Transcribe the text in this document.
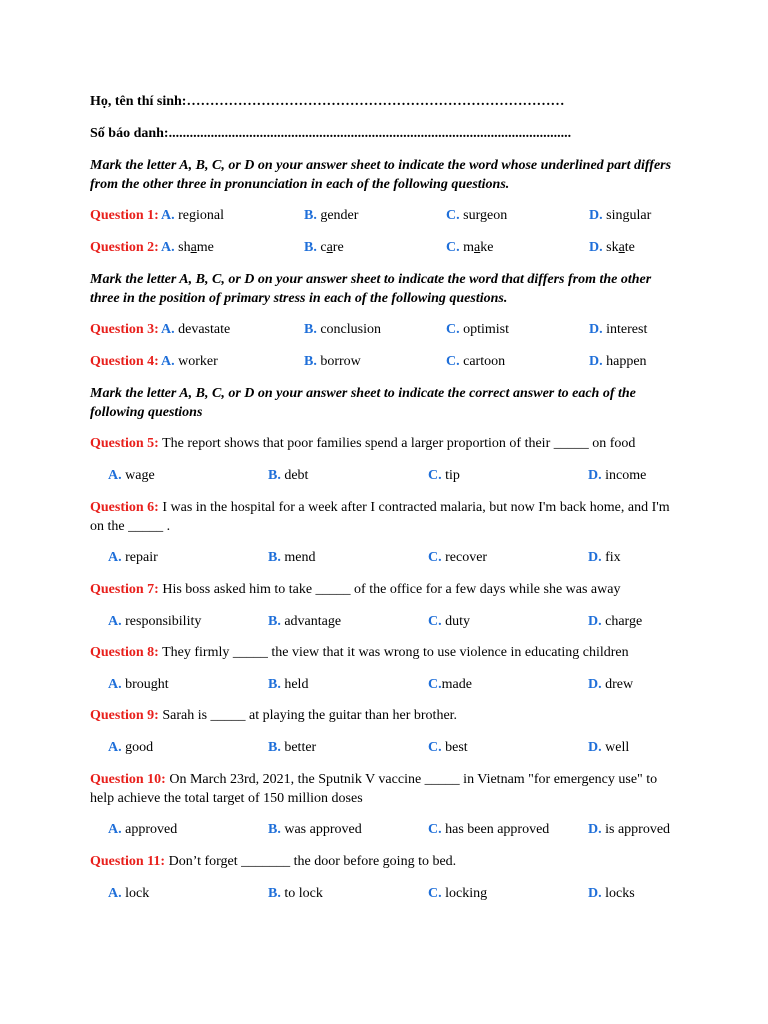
Họ, tên thí sinh:………………………………………………………………………
Số báo danh:...................................................................................................................
Mark the letter A, B, C, or D on your answer sheet to indicate the word whose underlined part differs
from the other three in pronunciation in each of the following questions.
Question 1: A. regional	B. gender	C. surgeon	D. singular
Question 2: A. shame	B. care	C. make	D. skate
Mark the letter A, B, C, or D on your answer sheet to indicate the word that differs from the other
three in the position of primary stress in each of the following questions.
Question 3: A. devastate	B. conclusion	C. optimist	D. interest
Question 4: A. worker	B. borrow	C. cartoon	D. happen
Mark the letter A, B, C, or D on your answer sheet to indicate the correct answer to each of the
following questions
Question 5: The report shows that poor families spend a larger proportion of their _____ on food
A. wage	B. debt	C. tip	D. income
Question 6: I was in the hospital for a week after I contracted malaria, but now I'm back home, and I'm
on the _____ .
A. repair	B. mend	C. recover	D. fix
Question 7: His boss asked him to take _____ of the office for a few days while she was away
A. responsibility	B. advantage	C. duty	D. charge
Question 8: They firmly _____ the view that it was wrong to use violence in educating children
A. brought	B. held	C.made	D. drew
Question 9: Sarah is _____ at playing the guitar than her brother.
A. good	B. better	C. best	D. well
Question 10: On March 23rd, 2021, the Sputnik V vaccine _____ in Vietnam "for emergency use" to
help achieve the total target of 150 million doses
A. approved	B. was approved	C. has been approved	D. is approved
Question 11: Don’t forget _______ the door before going to bed.
A. lock	B. to lock	C. locking	D. locks
